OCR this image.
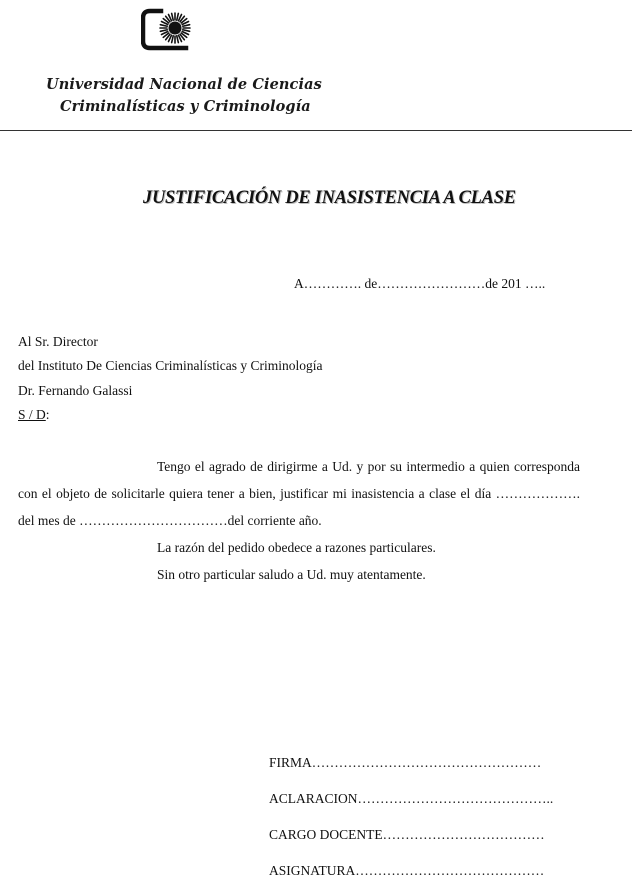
Universidad Nacional de Ciencias
Criminalísticas y Criminología
JUSTIFICACIÓN DE INASISTENCIA A CLASE
A…………. de……………………de 201 …..
Al Sr. Director
del Instituto De Ciencias Criminalísticas y Criminología
Dr. Fernando Galassi
S / D:
Tengo el agrado de dirigirme a Ud. y por su intermedio a quien corresponda con el objeto de solicitarle quiera tener a bien, justificar mi inasistencia a clase el día ………………. del mes de ……………………………del corriente año.
La razón del pedido obedece a razones particulares.
Sin otro particular saludo a Ud. muy atentamente.
FIRMA……………………………………………
ACLARACION……………………………………..
CARGO DOCENTE………………………………
ASIGNATURA……………………………………
